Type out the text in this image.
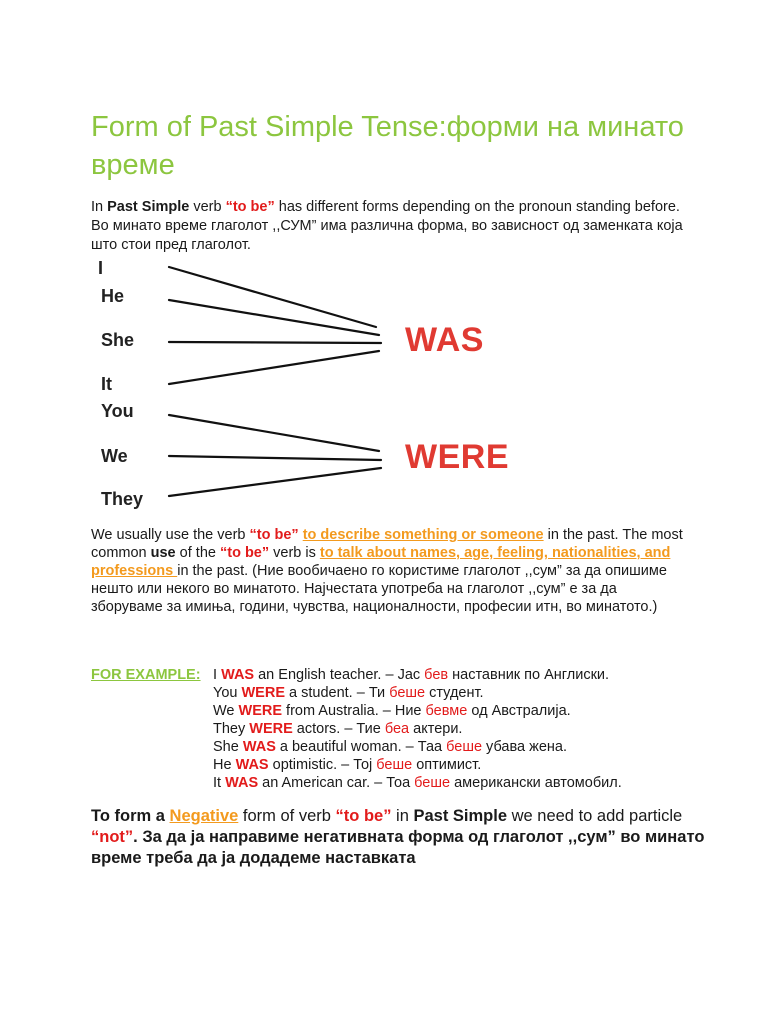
Form of Past Simple Tense:форми на минато време

In Past Simple verb “to be” has different forms depending on the pronoun standing before. Во минато време глаголот ,,СУМ” има различна форма, во зависност од заменката која што стои пред глаголот.

I
He
She
It
You
We
They
WAS
WERE

We usually use the verb “to be” to describe something or someone in the past. The most common use of the “to be” verb is to talk about names, age, feeling, nationalities, and professions in the past. (Ние вообичаено го користиме глаголот ,,сум” за да опишиме нешто или некого во минатото. Најчестата употреба на глаголот ,,сум” е за да зборуваме за имиња, години, чувства, националности, професии итн, во минатото.)

FOR EXAMPLE: I WAS an English teacher. – Јас бев наставник по Англиски.
You WERE a student. – Ти беше студент.
We WERE from Australia. – Ние бевме од Австралија.
They WERE actors. – Тие беа актери.
She WAS a beautiful woman. – Таа беше убава жена.
He WAS optimistic. – Тој беше оптимист.
It WAS an American car. – Тоа беше американски автомобил.

To form a Negative form of verb “to be” in Past Simple we need to add particle “not”. За да ја направиме негативната форма од глаголот ,,сум” во минато време треба да ја додадеме наставката
